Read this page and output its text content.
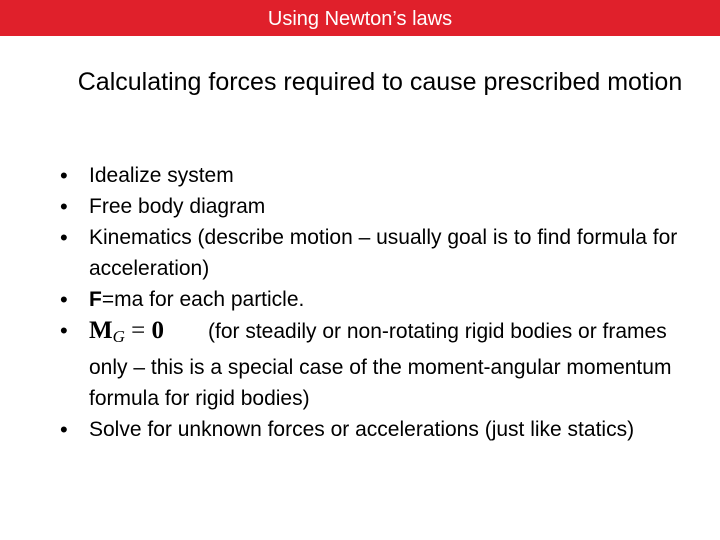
Using Newton’s laws
Calculating forces required to cause prescribed motion
• Idealize system
• Free body diagram
• Kinematics (describe motion – usually goal is to find formula for acceleration)
• F=ma for each particle.
• $M_G = 0$ (for steadily or non-rotating rigid bodies or frames only – this is a special case of the moment-angular momentum formula for rigid bodies)
• Solve for unknown forces or accelerations (just like statics)
